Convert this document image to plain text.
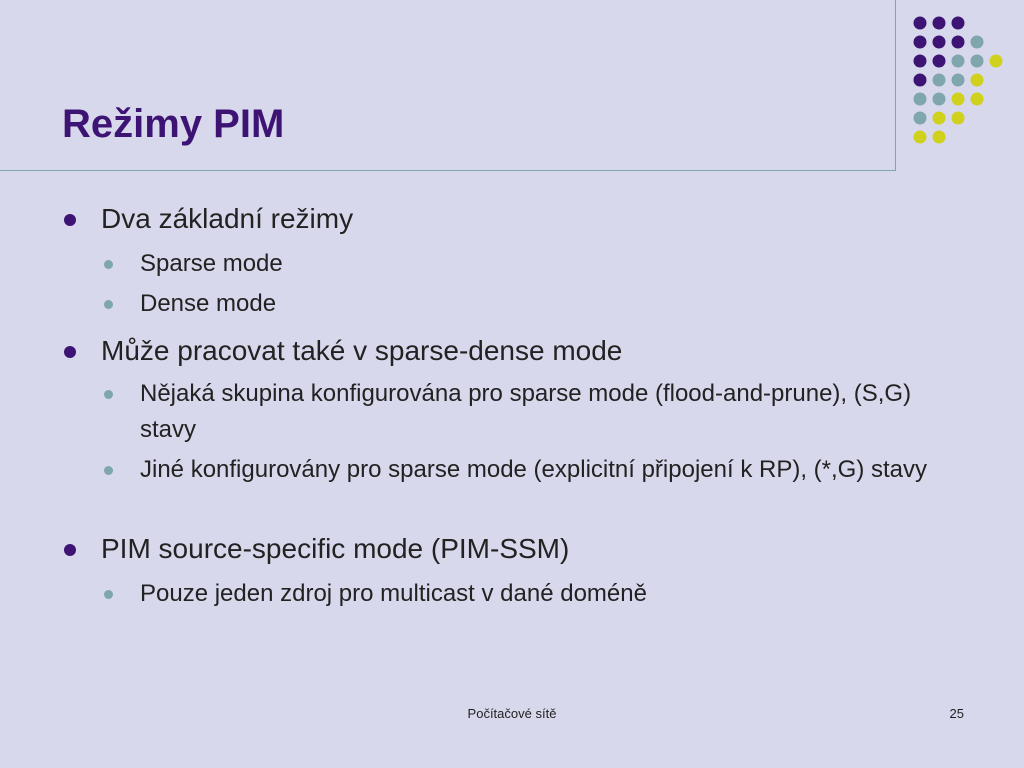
Režimy PIM
Dva základní režimy
Sparse mode
Dense mode
Může pracovat také v sparse-dense mode
Nějaká skupina konfigurována pro sparse mode (flood-and-prune), (S,G) stavy
Jiné konfigurovány pro sparse mode (explicitní připojení k RP), (*,G) stavy
PIM source-specific mode (PIM-SSM)
Pouze jeden zdroj pro multicast v dané doméně
Počítačové sítě	25
